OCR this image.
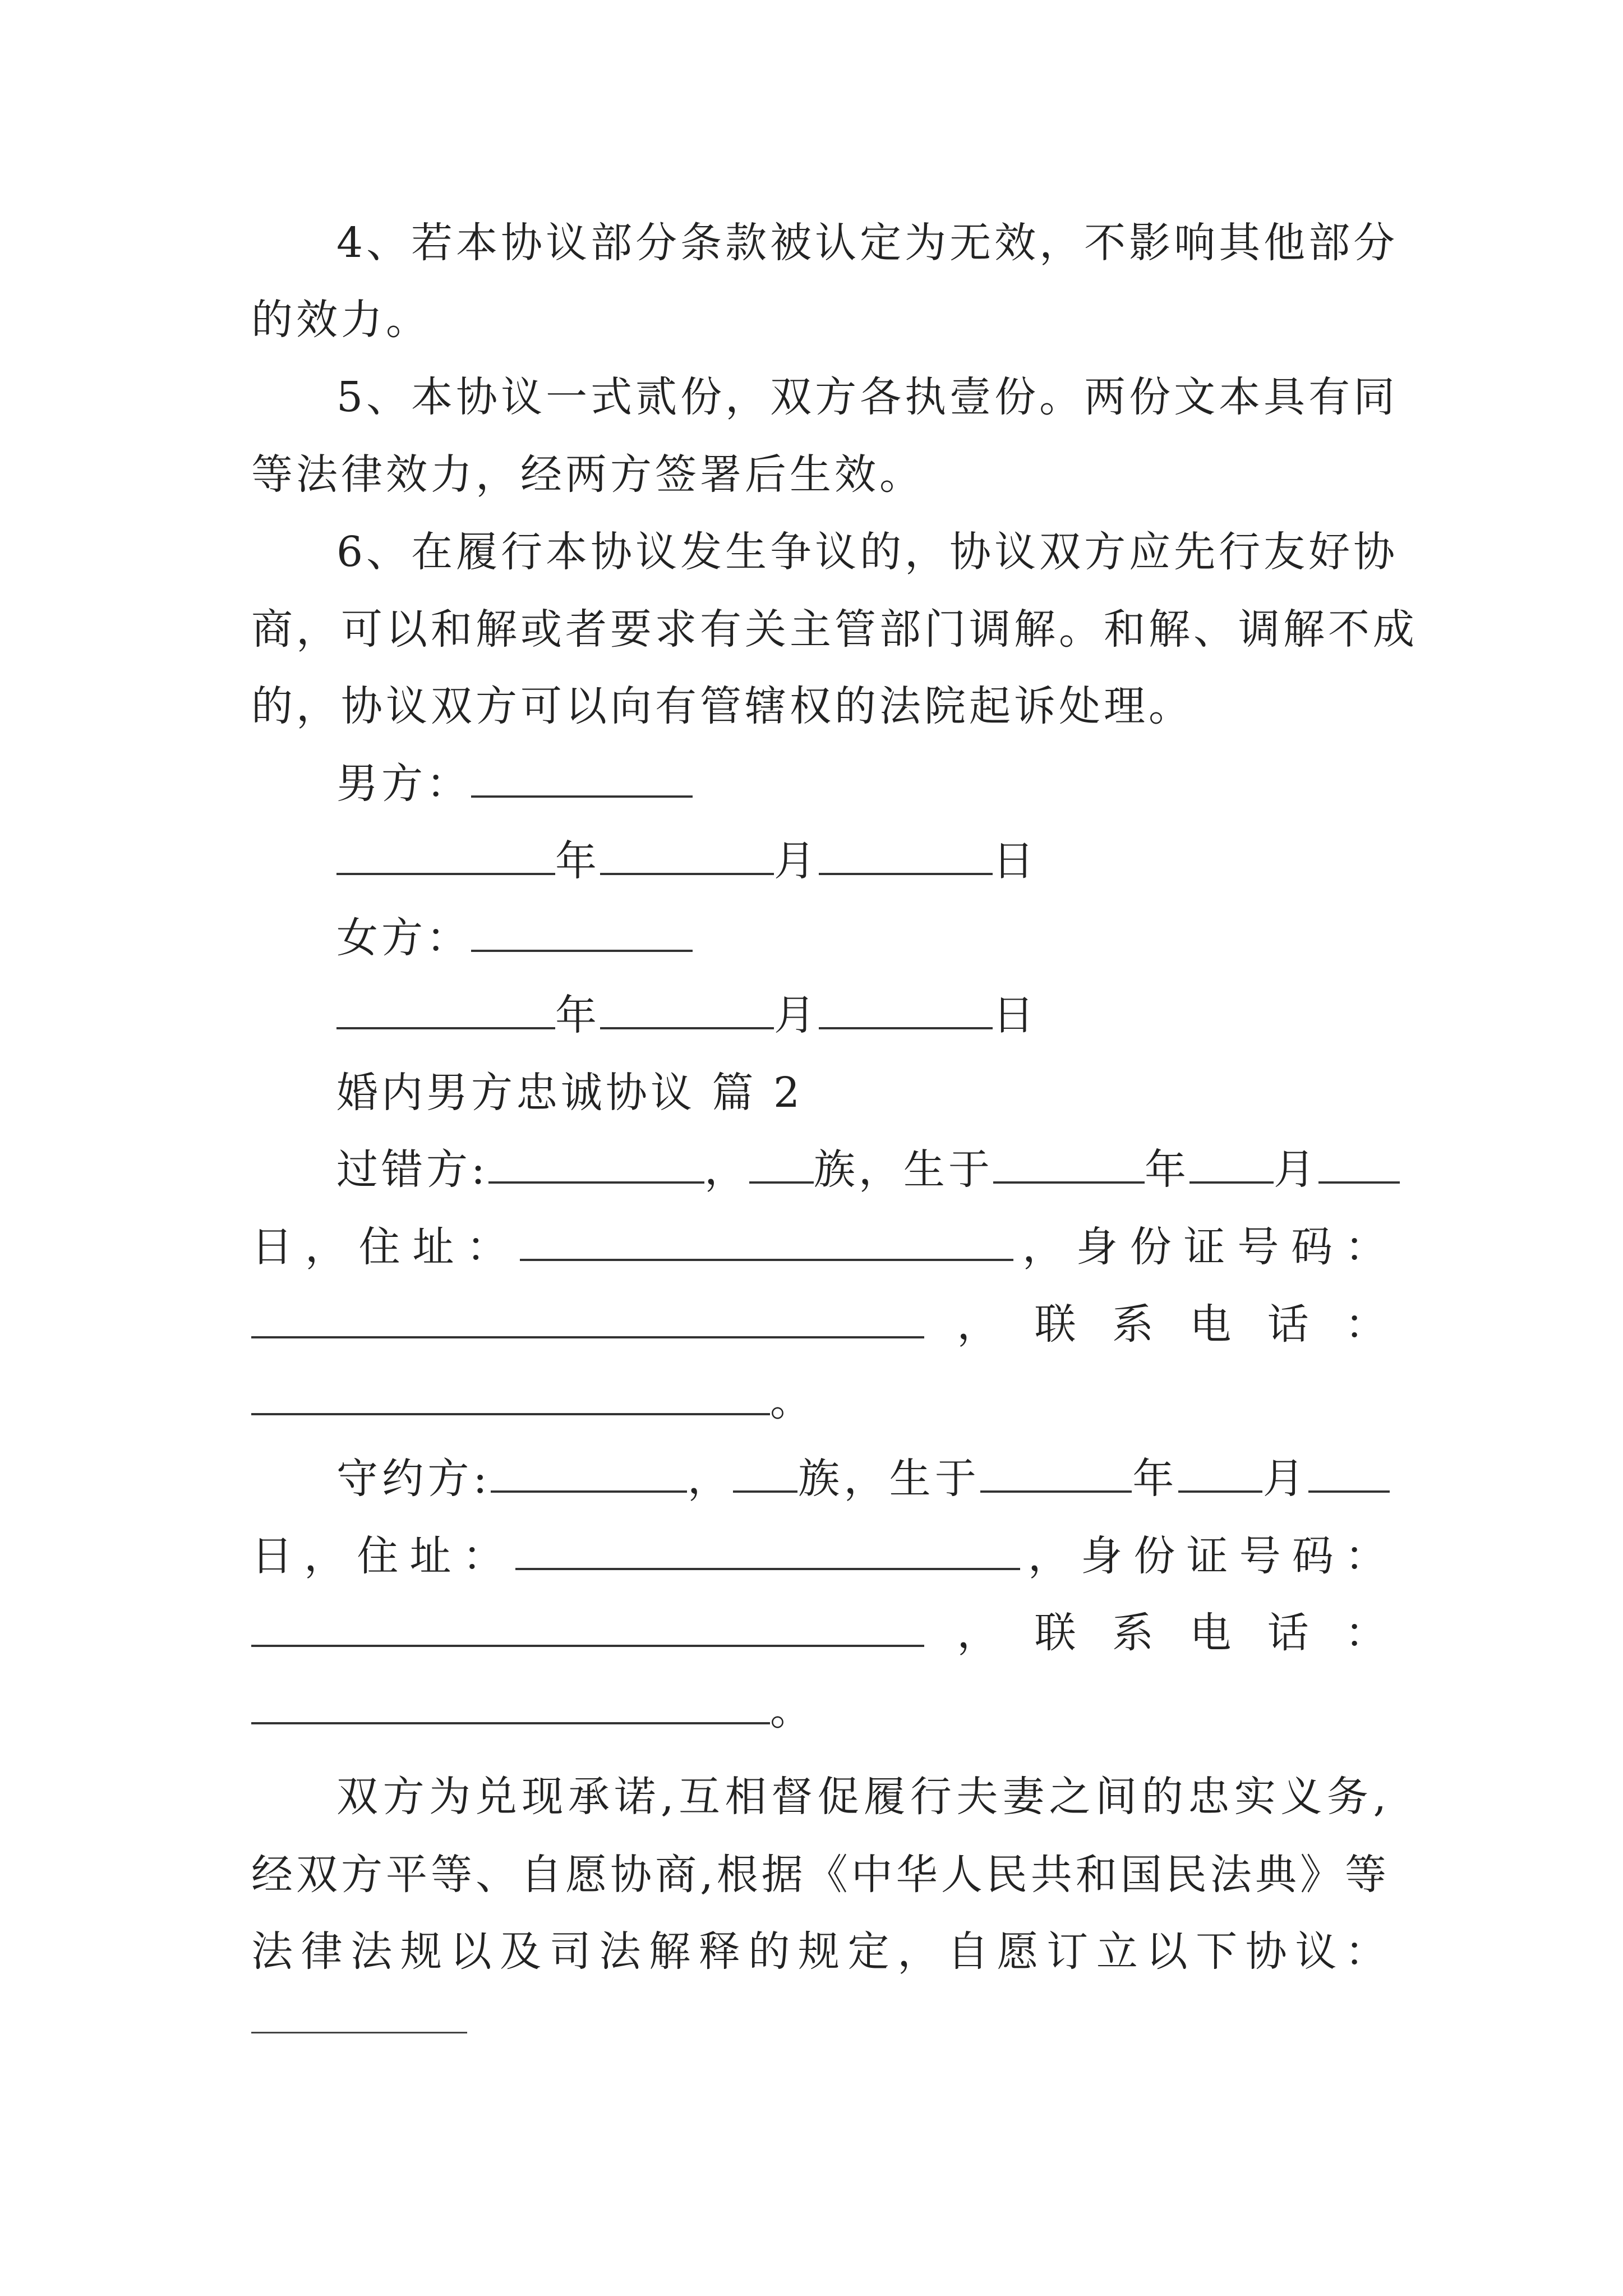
4、若本协议部分条款被认定为无效，不影响其他部分
的效力。
5、本协议一式贰份，双方各执壹份。两份文本具有同
等法律效力，经两方签署后生效。
6、在履行本协议发生争议的，协议双方应先行友好协
商，可以和解或者要求有关主管部门调解。和解、调解不成
的，协议双方可以向有管辖权的法院起诉处理。
男方：
年	月	日
女方：
年	月	日
婚内男方忠诚协议 篇 2
过错方:	， 族，生于	年 月
日，住址：	，身份证号码：
，联系电话：
。
守约方:	， 族，生于	年 月
日，住址：	，身份证号码：
，联系电话：
。
双方为兑现承诺,互相督促履行夫妻之间的忠实义务,
经双方平等、自愿协商,根据《中华人民共和国民法典》等
法律法规以及司法解释的规定，自愿订立以下协议：
